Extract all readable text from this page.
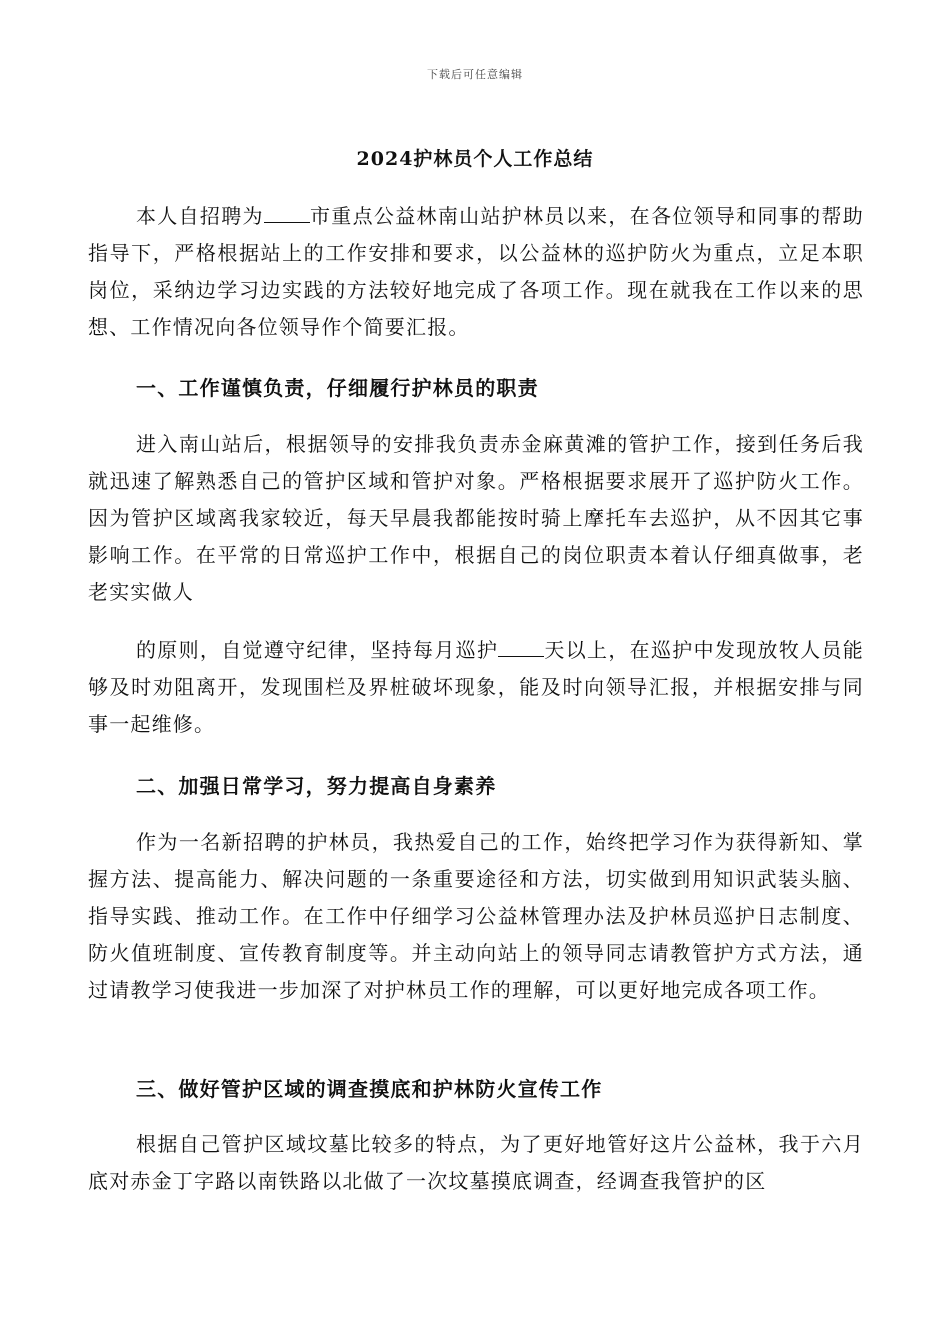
下载后可任意编辑
2024护林员个人工作总结

本人自招聘为 市重点公益林南山站护林员以来，在各位领导和同事的帮助指导下，严格根据站上的工作安排和要求，以公益林的巡护防火为重点，立足本职岗位，采纳边学习边实践的方法较好地完成了各项工作。现在就我在工作以来的思想、工作情况向各位领导作个简要汇报。

一、工作谨慎负责，仔细履行护林员的职责

进入南山站后，根据领导的安排我负责赤金麻黄滩的管护工作，接到任务后我就迅速了解熟悉自己的管护区域和管护对象。严格根据要求展开了巡护防火工作。因为管护区域离我家较近，每天早晨我都能按时骑上摩托车去巡护，从不因其它事影响工作。在平常的日常巡护工作中，根据自己的岗位职责本着认仔细真做事，老老实实做人

的原则，自觉遵守纪律，坚持每月巡护 天以上，在巡护中发现放牧人员能够及时劝阻离开，发现围栏及界桩破坏现象，能及时向领导汇报，并根据安排与同事一起维修。

二、加强日常学习，努力提高自身素养

作为一名新招聘的护林员，我热爱自己的工作，始终把学习作为获得新知、掌握方法、提高能力、解决问题的一条重要途径和方法，切实做到用知识武装头脑、指导实践、推动工作。在工作中仔细学习公益林管理办法及护林员巡护日志制度、防火值班制度、宣传教育制度等。并主动向站上的领导同志请教管护方式方法，通过请教学习使我进一步加深了对护林员工作的理解，可以更好地完成各项工作。

三、做好管护区域的调查摸底和护林防火宣传工作

根据自己管护区域坟墓比较多的特点，为了更好地管好这片公益林，我于六月底对赤金丁字路以南铁路以北做了一次坟墓摸底调查，经调查我管护的区
